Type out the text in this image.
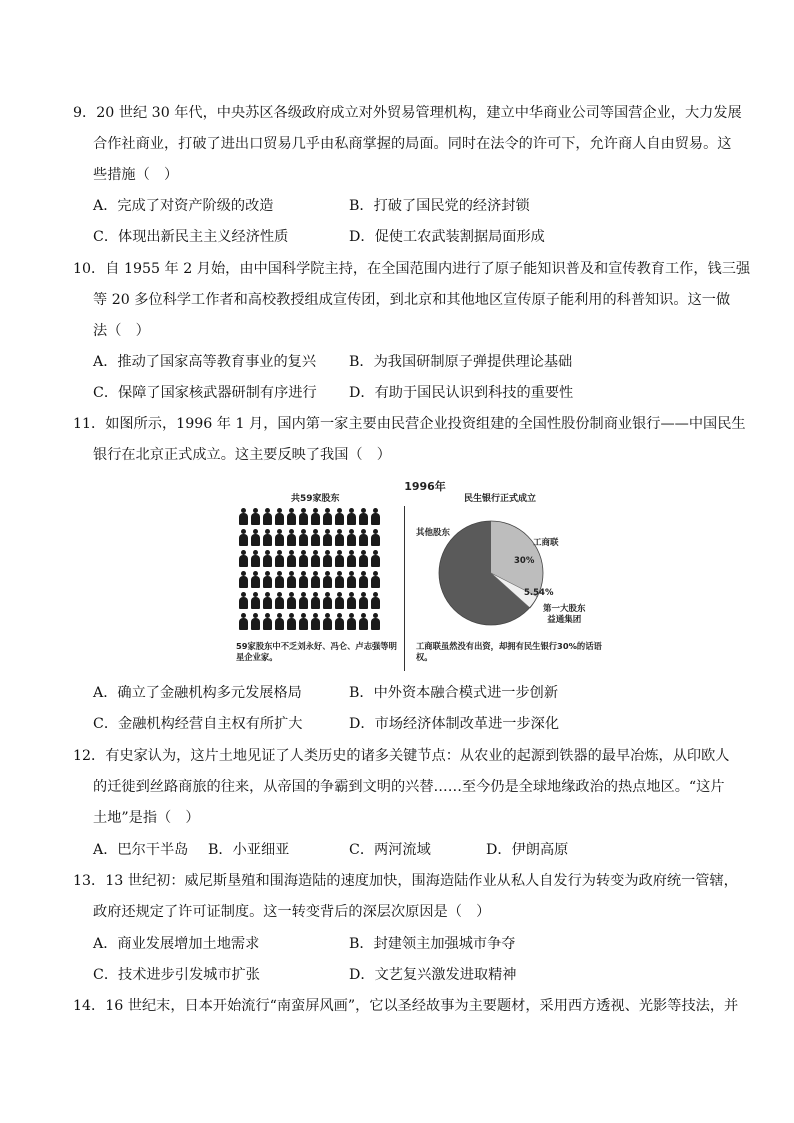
9．20 世纪 30 年代，中央苏区各级政府成立对外贸易管理机构，建立中华商业公司等国营企业，大力发展
合作社商业，打破了进出口贸易几乎由私商掌握的局面。同时在法令的许可下，允许商人自由贸易。这
些措施（　）
A．完成了对资产阶级的改造	B．打破了国民党的经济封锁
C．体现出新民主主义经济性质	D．促使工农武装割据局面形成
10．自 1955 年 2 月始，由中国科学院主持，在全国范围内进行了原子能知识普及和宣传教育工作，钱三强
等 20 多位科学工作者和高校教授组成宣传团，到北京和其他地区宣传原子能利用的科普知识。这一做
法（　）
A．推动了国家高等教育事业的复兴 B．为我国研制原子弹提供理论基础
C．保障了国家核武器研制有序进行 D．有助于国民认识到科技的重要性
11．如图所示，1996 年 1 月，国内第一家主要由民营企业投资组建的全国性股份制商业银行——中国民生
银行在北京正式成立。这主要反映了我国（　）
1996年
共59家股东	民生银行正式成立
其他股东
工商联
30%
5.54%
第一大股东
益通集团
59家股东中不乏刘永好、冯仑、卢志强等明星企业家。
工商联虽然没有出资，却拥有民生银行30%的话语权。
A．确立了金融机构多元发展格局	B．中外资本融合模式进一步创新
C．金融机构经营自主权有所扩大	D．市场经济体制改革进一步深化
12．有史家认为，这片土地见证了人类历史的诸多关键节点：从农业的起源到铁器的最早冶炼，从印欧人
的迁徙到丝路商旅的往来，从帝国的争霸到文明的兴替……至今仍是全球地缘政治的热点地区。“这片
土地”是指（　）
A．巴尔干半岛 B．小亚细亚	C．两河流域	D．伊朗高原
13．13 世纪初：威尼斯垦殖和围海造陆的速度加快，围海造陆作业从私人自发行为转变为政府统一管辖，
政府还规定了许可证制度。这一转变背后的深层次原因是（　）
A．商业发展增加土地需求	B．封建领主加强城市争夺
C．技术进步引发城市扩张	D．文艺复兴激发进取精神
14．16 世纪末，日本开始流行“南蛮屏风画”，它以圣经故事为主要题材，采用西方透视、光影等技法，并
